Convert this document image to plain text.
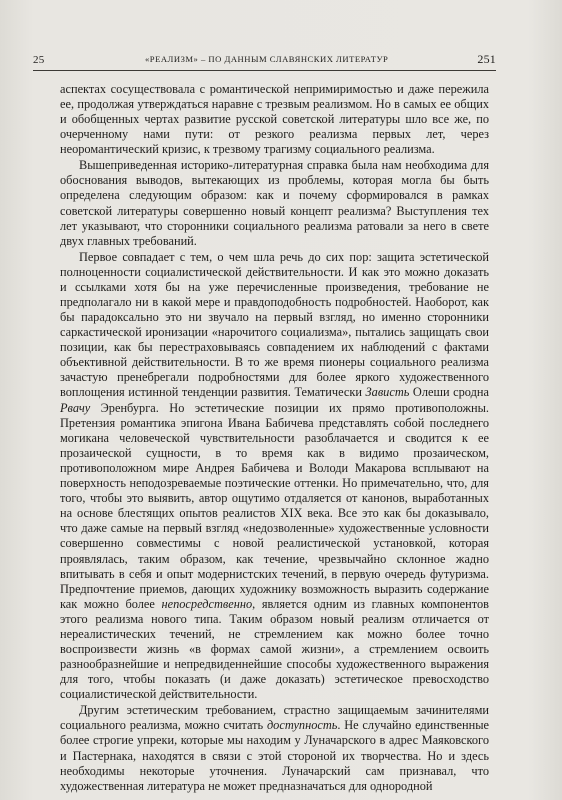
25	«РЕАЛИЗМ» – ПО ДАННЫМ СЛАВЯНСКИХ ЛИТЕРАТУР	251

аспектах сосуществовала с романтической непримиримостью и даже пережила ее, продолжая утверждаться наравне с трезвым реализмом. Но в самых ее общих и обобщенных чертах развитие русской советской литературы шло все же, по очерченному нами пути: от резкого реализма первых лет, через неоромантический кризис, к трезвому трагизму социального реализма.

Вышеприведенная историко-литературная справка была нам необходима для обоснования выводов, вытекающих из проблемы, которая могла бы быть определена следующим образом: как и почему сформировался в рамках советской литературы совершенно новый концепт реализма? Выступления тех лет указывают, что сторонники социального реализма ратовали за него в свете двух главных требований.

Первое совпадает с тем, о чем шла речь до сих пор: защита эстетической полноценности социалистической действительности. И как это можно доказать и ссылками хотя бы на уже перечисленные произведения, требование не предполагало ни в какой мере и правдоподобность подробностей. Наоборот, как бы парадоксально это ни звучало на первый взгляд, но именно сторонники саркастической иронизации «нарочитого социализма», пытались защищать свои позиции, как бы перестраховываясь совпадением их наблюдений с фактами объективной действительности. В то же время пионеры социального реализма зачастую пренебрегали подробностями для более яркого художественного воплощения истинной тенденции развития. Тематически Зависть Олеши сродна Рвачу Эренбурга. Но эстетические позиции их прямо противоположны. Претензия романтика эпигона Ивана Бабичева представлять собой последнего могикана человеческой чувствительности разоблачается и сводится к ее прозаической сущности, в то время как в видимо прозаическом, противоположном мире Андрея Бабичева и Володи Макарова всплывают на поверхность неподозреваемые поэтические оттенки. Но примечательно, что, для того, чтобы это выявить, автор ощутимо отдаляется от канонов, выработанных на основе блестящих опытов реалистов XIX века. Все это как бы доказывало, что даже самые на первый взгляд «недозволенные» художественные условности совершенно совместимы с новой реалистической установкой, которая проявлялась, таким образом, как течение, чрезвычайно склонное жадно впитывать в себя и опыт модернистских течений, в первую очередь футуризма. Предпочтение приемов, дающих художнику возможность выразить содержание как можно более непосредственно, является одним из главных компонентов этого реализма нового типа. Таким образом новый реализм отличается от нереалистических течений, не стремлением как можно более точно воспроизвести жизнь «в формах самой жизни», а стремлением освоить разнообразнейшие и непредвиденнейшие способы художественного выражения для того, чтобы показать (и даже доказать) эстетическое превосходство социалистической действительности.

Другим эстетическим требованием, страстно защищаемым зачинителями социального реализма, можно считать доступность. Не случайно единственные более строгие упреки, которые мы находим у Луначарского в адрес Маяковского и Пастернака, находятся в связи с этой стороной их творчества. Но и здесь необходимы некоторые уточнения. Луначарский сам признавал, что художественная литература не может предназначаться для однородной
